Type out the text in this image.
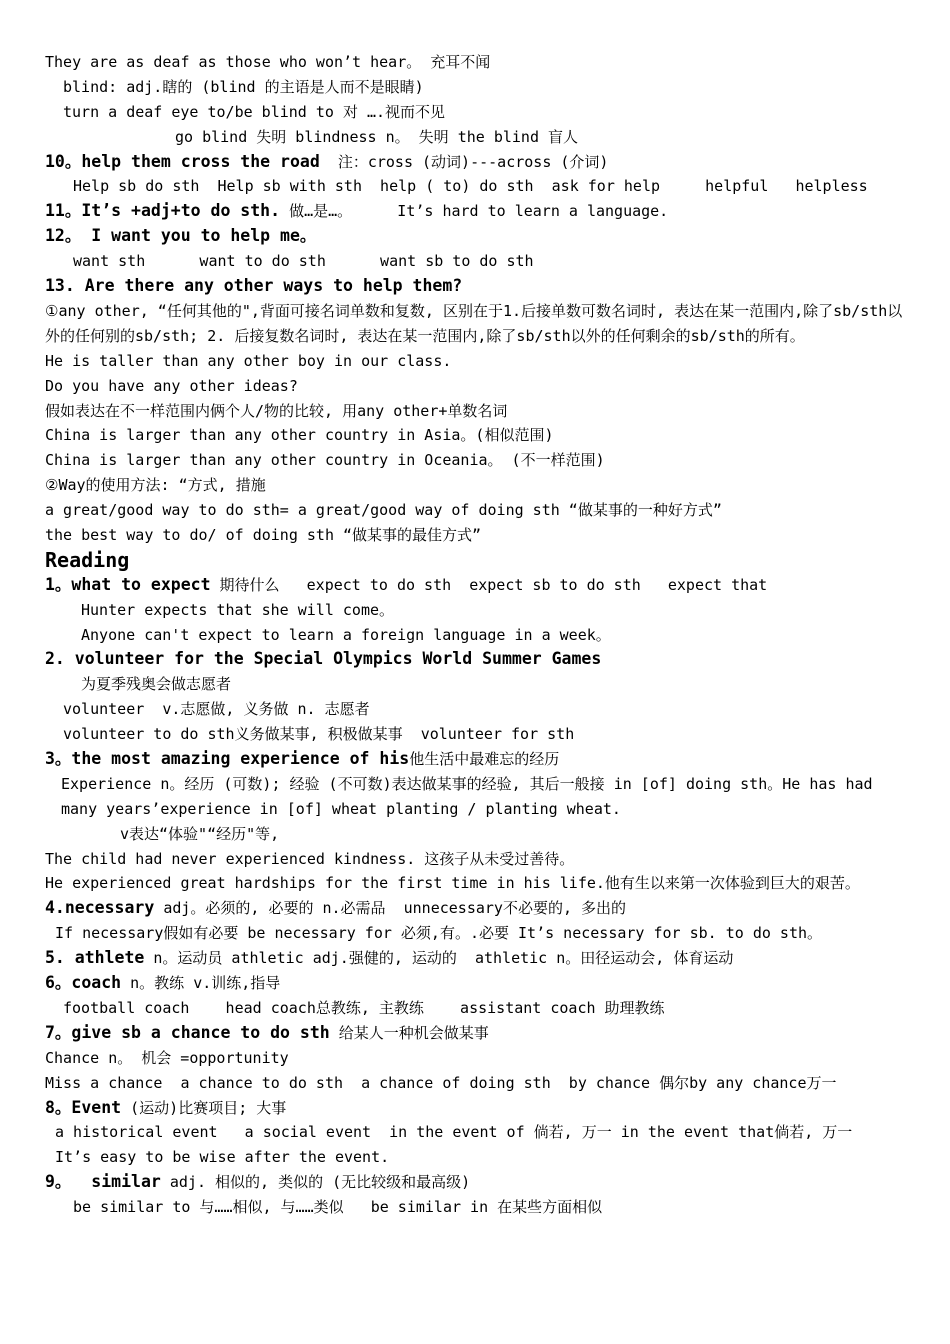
They are as deaf as those who won’t hear。 充耳不闻
blind: adj.瞎的 (blind 的主语是人而不是眼睛)
turn a deaf eye to/be blind to 对 ….视而不见
go blind 失明 blindness n。 失明 the blind 盲人
10。help them cross the road 注：cross (动词)---across (介词)
Help sb do sth  Help sb with sth  help ( to) do sth  ask for help     helpful   helpless
11。It’s +adj+to do sth. 做…是…。     It’s hard to learn a language.
12。 I want you to help me。
want sth      want to do sth      want sb to do sth
13. Are there any other ways to help them?
①any other, “任何其他的",背面可接名词单数和复数, 区别在于1.后接单数可数名词时, 表达在某一范围内,除了sb/sth以外的任何别的sb/sth; 2. 后接复数名词时, 表达在某一范围内,除了sb/sth以外的任何剩余的sb/sth的所有。
He is taller than any other boy in our class.
Do you have any other ideas?
假如表达在不一样范围内俩个人/物的比较, 用any other+单数名词
China is larger than any other country in Asia。(相似范围)
China is larger than any other country in Oceania。 (不一样范围)
②Way的使用方法: “方式, 措施
a great/good way to do sth= a great/good way of doing sth “做某事的一种好方式”
the best way to do/ of doing sth “做某事的最佳方式”
Reading
1。what to expect 期待什么   expect to do sth  expect sb to do sth   expect that
Hunter expects that she will come。
Anyone can't expect to learn a foreign language in a week。
2. volunteer for the Special Olympics World Summer Games
为夏季残奥会做志愿者
volunteer  v.志愿做, 义务做 n. 志愿者
volunteer to do sth义务做某事, 积极做某事  volunteer for sth
3。the most amazing experience of his他生活中最难忘的经历
Experience n。经历 (可数); 经验 (不可数)表达做某事的经验, 其后一般接 in [of] doing sth。He has had many years’experience in [of] wheat planting / planting wheat.
v表达“体验"“经历"等,
The child had never experienced kindness. 这孩子从未受过善待。
He experienced great hardships for the first time in his life.他有生以来第一次体验到巨大的艰苦。
4.necessary adj。必须的, 必要的 n.必需品  unnecessary不必要的, 多出的
If necessary假如有必要 be necessary for 必须,有。.必要 It’s necessary for sb. to do sth。
5. athlete n。运动员 athletic adj.强健的, 运动的  athletic n。田径运动会, 体育运动
6。coach n。教练 v.训练,指导
football coach    head coach总教练, 主教练    assistant coach 助理教练
7。give sb a chance to do sth 给某人一种机会做某事
Chance n。 机会 =opportunity
Miss a chance  a chance to do sth  a chance of doing sth  by chance 偶尔by any chance万一
8。Event (运动)比赛项目; 大事
a historical event   a social event  in the event of 倘若, 万一 in the event that倘若, 万一
It’s easy to be wise after the event.
9。  similar adj. 相似的, 类似的 (无比较级和最高级)
be similar to 与……相似, 与……类似   be similar in 在某些方面相似
